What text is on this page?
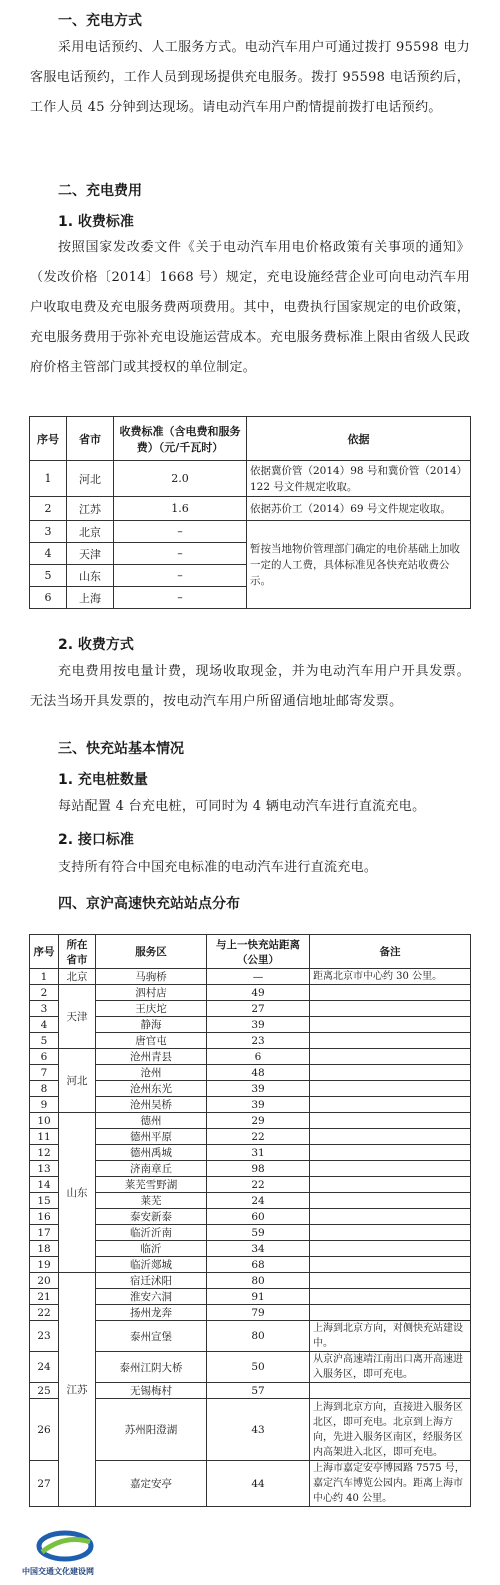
一、充电方式
采用电话预约、人工服务方式。电动汽车用户可通过拨打 95598 电力客服电话预约，工作人员到现场提供充电服务。拨打 95598 电话预约后，工作人员 45 分钟到达现场。请电动汽车用户酌情提前拨打电话预约。
二、充电费用
1. 收费标准
按照国家发改委文件《关于电动汽车用电价格政策有关事项的通知》（发改价格〔2014〕1668 号）规定，充电设施经营企业可向电动汽车用户收取电费及充电服务费两项费用。其中，电费执行国家规定的电价政策，充电服务费用于弥补充电设施运营成本。充电服务费标准上限由省级人民政府价格主管部门或其授权的单位制定。
序号	省市	收费标准（含电费和服务费）（元/千瓦时）	依据
1	河北	2.0	依据冀价管（2014）98 号和冀价管（2014）122 号文件规定收取。
2	江苏	1.6	依据苏价工（2014）69 号文件规定收取。
3	北京	–	暂按当地物价管理部门确定的电价基础上加收一定的人工费，具体标准见各快充站收费公示。
4	天津	–	
5	山东	–	
6	上海	–	
2. 收费方式
充电费用按电量计费，现场收取现金，并为电动汽车用户开具发票。无法当场开具发票的，按电动汽车用户所留通信地址邮寄发票。
三、快充站基本情况
1. 充电桩数量
每站配置 4 台充电桩，可同时为 4 辆电动汽车进行直流充电。
2. 接口标准
支持所有符合中国充电标准的电动汽车进行直流充电。
四、京沪高速快充站站点分布
序号	所在省市	服务区	与上一快充站距离（公里）	备注
1	北京	马驹桥	—	距离北京市中心约 30 公里。
2	天津	泗村店	49	
3		王庆坨	27	
4		静海	39	
5		唐官屯	23	
6	河北	沧州青县	6	
7		沧州	48	
8		沧州东光	39	
9		沧州吴桥	39	
10	山东	德州	29	
11		德州平原	22	
12		德州禹城	31	
13		济南章丘	98	
14		莱芜雪野湖	22	
15		莱芜	24	
16		泰安新泰	60	
17		临沂沂南	59	
18		临沂	34	
19		临沂郯城	68	
20	江苏	宿迁沭阳	80	
21		淮安六洞	91	
22		扬州龙奔	79	
23		泰州宣堡	80	上海到北京方向，对侧快充站建设中。
24		泰州江阴大桥	50	从京沪高速靖江南出口离开高速进入服务区，即可充电。
25		无锡梅村	57	
26		苏州阳澄湖	43	上海到北京方向，直接进入服务区北区，即可充电。北京到上海方向，先进入服务区南区，经服务区内高架进入北区，即可充电。
27		嘉定安亭	44	上海市嘉定安亭博园路 7575 号，嘉定汽车博览公园内。距离上海市中心约 40 公里。
中国交通文化建设网
